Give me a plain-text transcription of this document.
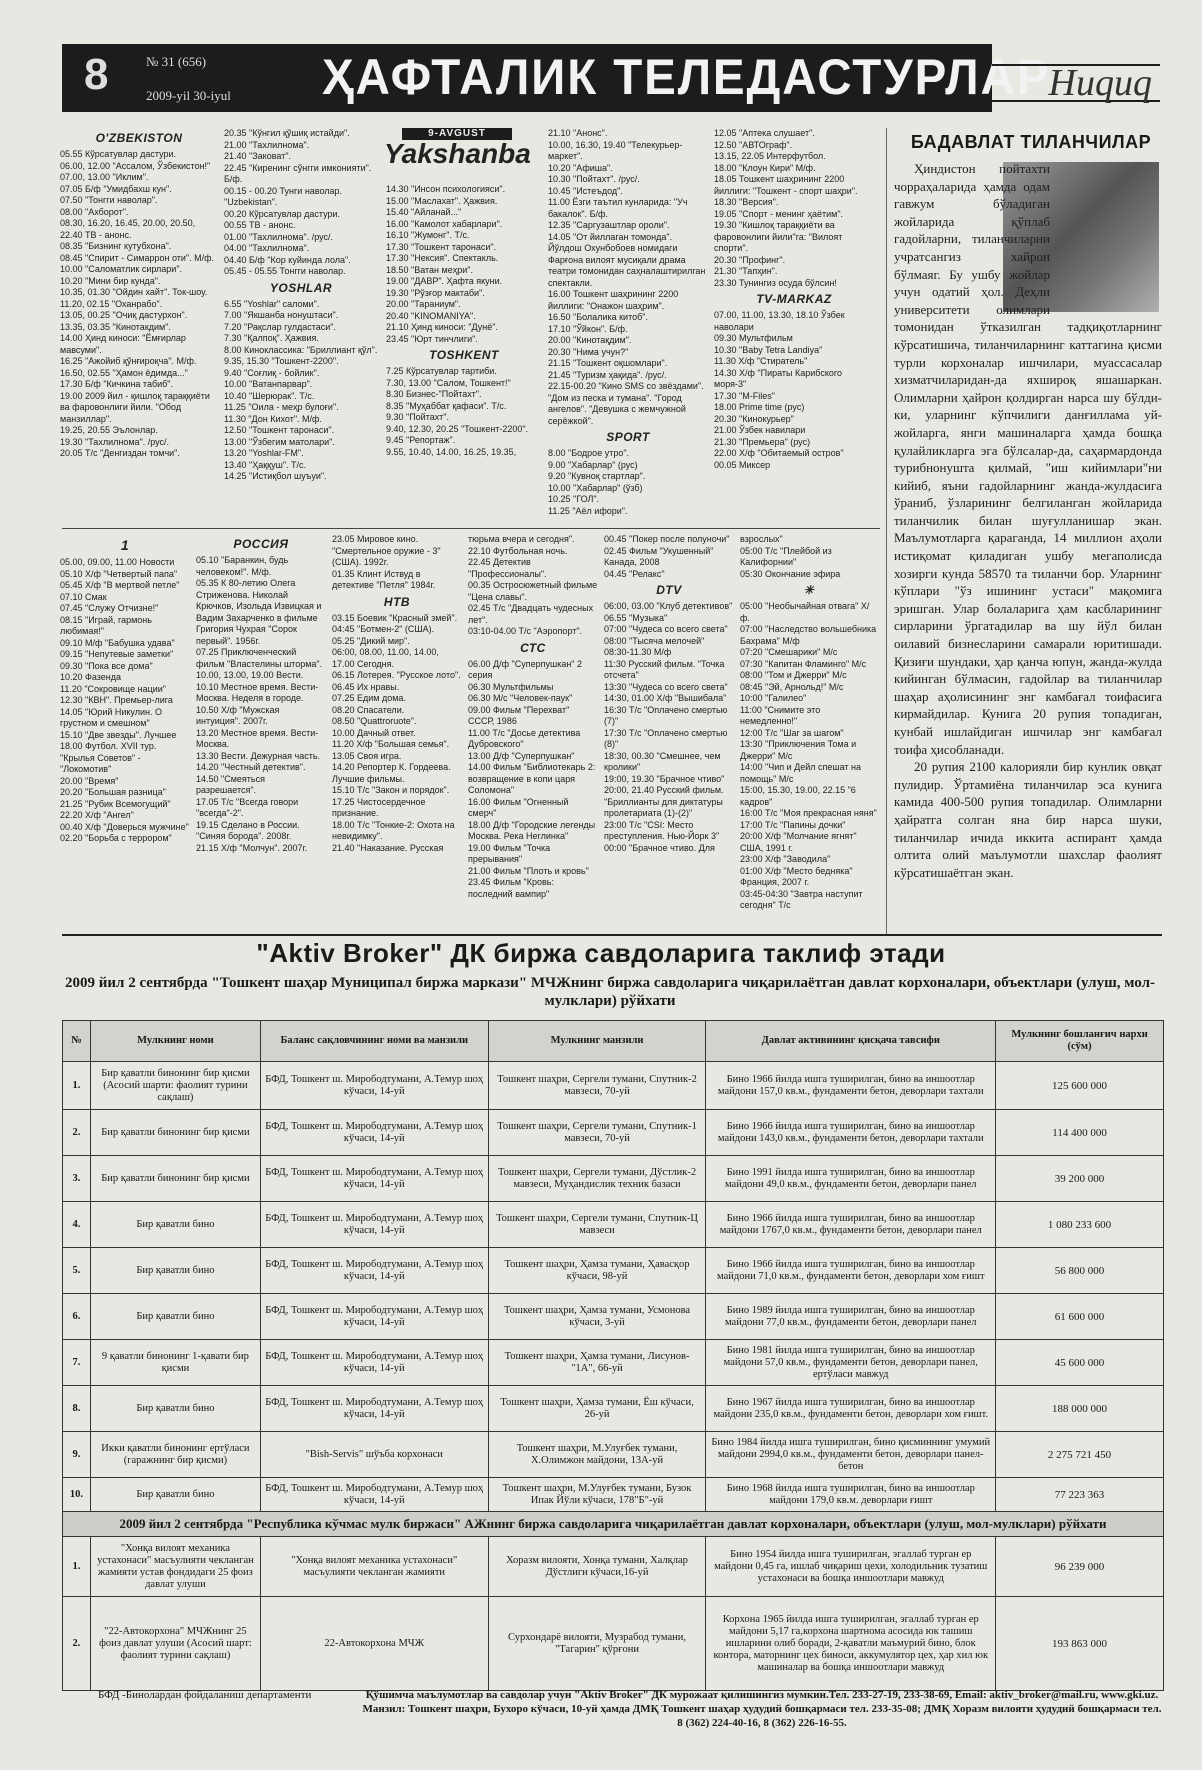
8	№ 31 (656)
2009-yil 30-iyul ҲАФТАЛИК ТЕЛЕДАСТУРЛАР
Ниqиq
O'ZBEKISTON

05.55 Кўрсатувлар дастури.

06.00, 12.00 "Ассалом, Ўзбекистон!"

07.00, 13.00 "Иклим".

07.05 Б/ф "Умидбахш кун".

07.50 "Тонгги наволар".

08.00 "Ахборот".

08.30, 16.20, 16.45, 20.00, 20.50, 22.40 ТВ - анонс.

08.35 "Бизнинг кутубхона".

08.45 "Спирит - Симаррон оти". М/ф.

10.00 "Саломатлик сирлари".

10.20 "Мини бир кунда".

10.35, 01.30 "Ойдин хайт". Ток-шоу.

11.20, 02.15 "Оханрабо".

13.05, 00.25 "Очиқ дастурхон".

13.35, 03.35 "Кинотакдим".

14.00 Ҳинд киноси: "Ёмғирлар мавсуми".

16.25 "Ажойиб қўнғироқча". М/ф.

16.50, 02.55 "Ҳамон ёдимда..."

17.30 Б/ф "Кичкина табиб".

19.00 2009 йил - қишлоқ тараққиёти ва фаровонлиги йили. "Обод манзиллар".

19.25, 20.55 Эълонлар.

19.30 "Тахлилнома". /рус/.

20.05 Т/с "Денгиздан томчи".

20.35 "Кўнгил қўшиқ истайди".

21.00 "Тахлилнома".

21.40 "Заковат".

22.45 "Киренинг сўнгги имконияти". Б/ф.

00.15 - 00.20 Тунги наволар.

"Uzbekistan".

00.20 Кўрсатувлар дастури.

00.55 ТВ - анонс.

01.00 "Тахлилнома". /рус/.

04.00 "Тахлилнома".

04.40 Б/ф "Кор куйинда лола".

05.45 - 05.55 Тонгги наволар.

YOSHLAR

6.55 "Yoshlar" саломи".

7.00 "Якшанба нонуштаси".

7.20 "Рақслар гулдастаси".

7.30 "Қалпоқ". Ҳажвия.

8.00 Кинокласcика: "Бриллиант қўл".

9.35, 15.30 "Тошкент-2200".

9.40 "Соғлиқ - бойлик".

10.00 "Ватанпарвар".

10.40 "Шерюрак". Т/с.

11.25 "Оила - меҳр булоғи".

11.30 "Дон Кихот". М/ф.

12.50 "Тошкент таронаси".

13.00 "Ўзбегим матолари".

13.20 "Yoshlar-FM".

13.40 "Ҳаққуш". Т/с.

14.25 "Истиқбол шуъуи".

9-AVGUST
Yakshanba

14.30 "Инсон психологияси".

15.00 "Маслахат". Ҳажвия.

15.40 "Айланай..."

16.00 "Камолот хабарлари".

16.10 "Жумонг". Т/с.

17.30 "Тошкент таронаси".

17.30 "Нексия". Спектакль.

18.50 "Ватан меҳри".

19.00 "ДАВР". Ҳафта якуни.

19.30 "Рўзғор мактаби".

20.00 "Тараниум".

20.40 "KINOMANIYA".

21.10 Ҳинд киноси: "Дунё".

23.45 "Юрт тинчлиги".

TOSHKENT

7.25 Кўрсатувлар тартиби.

7.30, 13.00 "Салом, Тошкент!"

8.30 Бизнес-"Пойтахт".

8.35 "Муҳаббат қафаси". Т/с.

9.30 "Пойтахт".

9.40, 12.30, 20.25 "Тошкент-2200".

9.45 "Репортаж".

9.55, 10.40, 14.00, 16.25, 19.35,

21.10 "Анонс".

10.00, 16.30, 19.40 "Телекурьер-маркет".

10.20 "Афиша".

10.30 "Пойтахт". /рус/.

10.45 "Истеъдод".

11.00 Ёзги таътил кунларида: "Уч бакалок". Б/ф.

12.35 "Саргузаштлар ороли".

14.05 "От йиллаган томонда". Йўлдош Охунбобоев номидаги Фарғона вилоят мусиқали драма театри томонидан саҳналаштирилган спектакли.

16.00 Тошкент шаҳрининг 2200 йиллиги: "Онажон шаҳрим".

16.50 "Болалика китоб".

17.10 "Ўйкон". Б/ф.

20.00 "Кинотақдим".

20.30 "Нима учун?"

21.15 "Тошкент оқшомлари".

21.45 "Туризм ҳақида". /рус/.

22.15-00.20 "Кино SMS со звёздами". "Дом из песка и тумана". "Город ангелов". "Девушка с жемчужной серёжкой".

SPORT

8.00 "Бодрое утро".

9.00 "Хабарлар" (рус)

9.20 "Кувноқ стартлар".

10.00 "Хабарлар" (ўзб)

10.25 "ГОЛ".

11.25 "Аёл ифори".

12.05 "Аптека слушает".

12.50 "АВТОграф".

13.15, 22.05 Интерфутбол.

18.00 "Клоун Кири" М/ф.

18.05 Тошкент шаҳрининг 2200 йиллиги: "Тошкент - спорт шаҳри".

18.30 "Версия".

19.05 "Спорт - менинг ҳаётим".

19.30 "Кишлоқ тараққиёти ва фаровонлиги йили"га: "Вилоят спорти".

20.30 "Профинг".

21.30 "Тапҳин".

23.30 Тунингиз осуда бўлсин!

TV-MARKAZ

07.00, 11.00, 13.30, 18.10 Ўзбек наволари

09.30 Мультфильм

10.30 "Baby Tetra Landiya"

11.30 Х/ф "Стиратель"

14.30 Х/ф "Пираты Карибского моря-3"

17.30 "M-Files"

18.00 Prime time (рус)

20.30 "Кинокурьер"

21.00 Ўзбек навилари

21.30 "Премьера" (рус)

22.00 Х/ф "Обитаемый остров"

00.05 Миксер

1

05.00, 09.00, 11.00 Новости

05.10 Х/ф "Четвертый папа"

05.45 Х/ф "В мертвой петле"

07.10 Смак

07.45 "Служу Отчизне!"

08.15 "Играй, гармонь любимая!"

09.10 М/ф "Бабушка удава"

09.15 "Непутевые заметки"

09.30 "Пока все дома"

10.20 Фазенда

11.20 "Сокровище нации"

12.30 "КВН". Премьер-лига

14.05 "Юрий Никулин. О грустном и смешном"

15.10 "Две звезды". Лучшее

18.00 Футбол. XVII тур. "Крылья Советов" - "Локомотив"

20.00 "Время"

20.20 "Большая разница"

21.25 "Рубик Всемогущий"

22.20 Х/ф "Ангел"

00.40 Х/ф "Доверься мужчине"

02.20 "Борьба с террором"

РОССИЯ

05.10 "Баранкин, будь человеком!". М/ф.

05.35 К 80-летию Олега Стриженова. Николай Крючков, Изольда Извицкая и Вадим Захарченко в фильме Григория Чухрая "Сорок первый". 1956г.

07.25 Приключенческий фильм "Властелины шторма".

10.00, 13.00, 19.00 Вести.

10.10 Местное время. Вести-Москва. Неделя в городе.

10.50 Х/ф "Мужская интуиция". 2007г.

13.20 Местное время. Вести-Москва.

13.30 Вести. Дежурная часть.

14.20 "Честный детектив".

14.50 "Смеяться разрешается".

17.05 Т/с "Всегда говори "всегда"-2".

19.15 Сделано в России. "Синяя борода". 2008г.

21.15 Х/ф "Молчун". 2007г.

23.05 Мировое кино. "Смертельное оружие - 3" (США). 1992г.

01.35 Клинт Иствуд в детективе "Петля" 1984г.

НТВ

03.15 Боевик "Красный змей".

04:45 "Ботмен-2" (США).

05.25 "Дикий мир".

06:00, 08.00, 11.00, 14.00, 17.00 Сегодня.

06.15 Лотерея. "Русское лото".

06.45 Их нравы.

07.25 Едим дома.

08.20 Спасатели.

08.50 "Quattroruote".

10.00 Дачный ответ.

11.20 Х/ф "Большая семья".

13.05 Своя игра.

14.20 Репортер К. Гордеева. Лучшие фильмы.

15.10 Т/с "Закон и порядок".

17.25 Чистосердечное признание.

18.00 Т/с "Тонкие-2: Охота на невидимку".

21.40 "Наказание. Русская

тюрьма вчера и сегодня".

22.10 Футбольная ночь.

22.45 Детектив "Профессионалы".

00.35 Остросюжетный фильме "Цена славы".

02.45 Т/с "Двадцать чудесных лет".

03:10-04.00 Т/с "Аэропорт".

СТС

06.00 Д/ф "Суперпушкан" 2 серия

06.30 Мультфильмы

06.30 М/с "Человек-паук"

09.00 Фильм "Перехват" СССР, 1986

11.00 Т/с "Досье детектива Дубровского"

13.00 Д/ф "Суперпушкан"

14.00 Фильм "Библиотекарь 2: возвращение в копи царя Соломона"

16.00 Фильм "Огненный смерч"

18.00 Д/ф "Городские легенды Москва. Река Неглинка"

19.00 Фильм "Точка прерывания"

21.00 Фильм "Плоть и кровь"

23.45 Фильм "Кровь: последний вампир"

00.45 "Покер после полуночи"

02.45 Фильм "Укушенный" Канада, 2008

04.45 "Релакс"

DTV

06:00, 03.00 "Клуб детективов"

06.55 "Музыка"

07:00 "Чудеса со всего света"

08:00 "Тысяча мелочей"

08:30-11.30 М/ф

11:30 Русский фильм. "Точка отсчета"

13:30 "Чудеса со всего света"

14:30, 01.00 Х/ф "Вышибала"

16:30 Т/с "Оплачено смертью (7)"

17:30 Т/с "Оплачено смертью (8)"

18:30, 00.30 "Смешнее, чем кролики"

19:00, 19.30 "Брачное чтиво"

20:00, 21.40 Русский фильм. "Бриллианты для диктатуры пролетариата (1)-(2)"

23:00 Т/с "CSI: Место преступления. Нью-Йорк 3"

00:00 "Брачное чтиво. Для

взрослых"

05:00 Т/с "Плейбой из Калифорнии"

05:30 Окончание эфира

✳

05:00 "Необычайная отвага" Х/ф.

07:00 "Наследство вольшебника Бахрама" М/ф

07:20 "Смешарики" М/с

07:30 "Капитан Фламинго" М/с

08:00 "Том и Джерри" М/с

08:45 "Эй, Арнольд!" М/с

10:00 "Галилео"

11:00 "Снимите это немедленно!"

12:00 Т/с "Шаг за шагом"

13:30 "Приключения Тома и Джерри" М/с

14:00 "Чип и Дейл спешат на помощь" М/с

15:00, 15.30, 19.00, 22.15 "6 кадров"

16:00 Т/с "Моя прекрасная няня"

17:00 Т/с "Папины дочки"

20:00 Х/ф "Молчание ягнят" США, 1991 г.

23:00 Х/ф "Заводила"

01:00 Х/ф "Место бедняка" Франция, 2007 г.

03:45-04:30 "Завтра наступит сегодня" Т/с

БАДАВЛАТ ТИЛАНЧИЛАР

Ҳиндистон пойтахти чорраҳаларида ҳамда одам гавжум бўладиган жойларида қўплаб гадойларни, тиланчиларни учратсангиз хайрон бўлмаяг. Бу ушбу жойлар учун одатий ҳол. Деҳли университети олимлари томонидан ўтказилган тадқиқотларнинг кўрсатишича, тиланчиларнинг каттагина қисми турли корхоналар ишчилари, муассасалар хизматчиларидан-да яхшироқ яшашаркан. Олимларни ҳайрон қолдирган нарса шу бўлди-ки, уларнинг кўпчилиги данғиллама уй-жойларга, янги машиналарга ҳамда бошқа қулайликларга эга бўлсалар-да, саҳармардонда турибнонуштa қилмай, "иш кийимлари"ни кийиб, яъни гадойларнинг жанда-жулдасига ўраниб, ўзларининг белгиланган жойларида тиланчилик билан шуғулланишар экан. Маълумотларга қараганда, 14 миллион аҳоли истиқомат қиладиган ушбу мегаполисда хозирги кунда 58570 та тиланчи бор. Уларнинг кўплари "ўз ишининг устаси" мақомига эришган. Улар болаларига ҳам касбларининг сирларини ўргатадилар ва шу йўл билан оилавий бизнесларини самарали юритишади. Қизиғи шундаки, ҳар қанча юпун, жанда-жулда кийинган бўлмасин, гадойлар ва тиланчилар шаҳар аҳолисининг энг камбағал тоифасига кирмайдилар. Кунига 20 рупия топадиган, кунбай ишлайдиган ишчилар энг камбағал тоифа ҳисобланади.

20 рупия 2100 калорияли бир кунлик овқат пулидир. Ўртамиёна тиланчилар эса кунига камида 400-500 рупия топадилар. Олимларни ҳайратга солган яна бир нарса шуки, тиланчилар ичида иккита аспирант ҳамда олтита олий маълумотли шахслар фаолият кўрсатишаётган экан.

"Aktiv Broker" ДК биржа савдоларига таклиф этади
2009 йил 2 сентябрда "Тошкент шаҳар Муниципал биржа маркази" МЧЖнинг биржа савдоларига чиқарилаётган давлат корхоналари, объектлари (улуш, мол-мулклари) рўйхати
№	Мулкнинг номи	Баланс сақловчининг номи ва манзили	Мулкнинг манзили	Давлат активининг қисқача тавсифи	Мулкнинг бошланғич нархи (сўм)
1.	Бир қаватли бинонинг бир қисми (Асосий шарти: фаолият турини сақлаш)	БФД, Тошкент ш. Мирободтумани, А.Темур шоҳ кўчаси, 14-уй	Тошкент шаҳри, Сергели тумани, Спутник-2 мавзеси, 70-уй	Бино 1966 йилда ишга туширилган, бино ва иншоотлар майдони 157,0 кв.м., фундаменти бетон, деворлари тахтали	125 600 000
2.	Бир қаватли бинонинг бир қисми	БФД, Тошкент ш. Мирободтумани, А.Темур шоҳ кўчаси, 14-уй	Тошкент шаҳри, Сергели тумани, Спутник-1 мавзеси, 70-уй	Бино 1966 йилда ишга туширилган, бино ва иншоотлар майдони 143,0 кв.м., фундаменти бетон, деворлари тахтали	114 400 000
3.	Бир қаватли бинонинг бир қисми	БФД, Тошкент ш. Мирободтумани, А.Темур шоҳ кўчаси, 14-уй	Тошкент шаҳри, Сергели тумани, Дўстлик-2 мавзеси, Муҳандислик техник базаси	Бино 1991 йилда ишга туширилган, бино ва иншоотлар майдони 49,0 кв.м., фундаменти бетон, деворлари панел	39 200 000
4.	Бир қаватли бино	БФД, Тошкент ш. Мирободтумани, А.Темур шоҳ кўчаси, 14-уй	Тошкент шаҳри, Сергели тумани, Спутник-Ц мавзеси	Бино 1966 йилда ишга туширилган, бино ва иншоотлар майдони 1767,0 кв.м., фундаменти бетон, деворлари панел	1 080 233 600
5.	Бир қаватли бино	БФД, Тошкент ш. Мирободтумани, А.Темур шоҳ кўчаси, 14-уй	Тошкент шаҳри, Ҳамза тумани, Ҳавасқор кўчаси, 98-уй	Бино 1966 йилда ишга туширилган, бино ва иншоотлар майдони 71,0 кв.м., фундаменти бетон, деворлари хом ғишт	56 800 000
6.	Бир қаватли бино	БФД, Тошкент ш. Мирободтумани, А.Темур шоҳ кўчаси, 14-уй	Тошкент шаҳри, Ҳамза тумани, Усмонова кўчаси, 3-уй	Бино 1989 йилда ишга туширилган, бино ва иншоотлар майдони 77,0 кв.м., фундаменти бетон, деворлари панел	61 600 000
7.	9 қаватли бинонинг 1-қавати бир қисми	БФД, Тошкент ш. Мирободтумани, А.Темур шоҳ кўчаси, 14-уй	Тошкент шаҳри, Ҳамза тумани, Лисунов-"1А", 66-уй	Бино 1981 йилда ишга туширилган, бино ва иншоотлар майдони 57,0 кв.м., фундаменти бетон, деворлари панел, ертўласи мавжуд	45 600 000
8.	Бир қаватли бино	БФД, Тошкент ш. Мирободтумани, А.Темур шоҳ кўчаси, 14-уй	Тошкент шаҳри, Ҳамза тумани, Ёш кўчаси, 26-уй	Бино 1967 йилда ишга туширилган, бино ва иншоотлар майдони 235,0 кв.м., фундаменти бетон, деворлари хом ғишт.	188 000 000
9.	Икки қаватли бинонинг ертўласи (гаражнинг бир қисми)	"Bish-Servis" шўъба корхонаси	Тошкент шаҳри, М.Улуғбек тумани, Х.Олимжон майдони, 13А-уй	Бино 1984 йилда ишга туширилган, бино қисминнинг умумий майдони 2994,0 кв.м., фундаменти бетон, деворлари панел-бетон	2 275 721 450
10.	Бир қаватли бино	БФД, Тошкент ш. Мирободтумани, А.Темур шоҳ кўчаси, 14-уй	Тошкент шаҳри, М.Улуғбек тумани, Бузок Ипак Йўли кўчаси, 178"Б"-уй	Бино 1968 йилда ишга туширилган, бино ва иншоотлар майдони 179,0 кв.м. деворлари ғишт	77 223 363
2009 йил 2 сентябрда "Республика кўчмас мулк биржаси" АЖнинг биржа савдоларига чиқарилаётган давлат корхоналари, объектлари (улуш, мол-мулклари) рўйхати					
1.	"Хонқа вилоят механика устахонаси" масъулияти чекланган жамияти устав фондидаги 25 фоиз давлат улуши	"Хонқа вилоят механика устахонаси" масъулияти чекланган жамияти	Хоразм вилояти, Хонқа тумани, Халқлар Дўстлиги кўчаси,16-уй	Бино 1954 йилда ишга туширилган, эгаллаб турган ер майдони 0,45 га, ишлаб чиқариш цехи, холодильник тузатиш устахонаси ва бошқа иншоотлари мавжуд	96 239 000
2.	"22-Автокорхона" МЧЖнинг 25 фоиз давлат улуши (Асосий шарт: фаолият турини сақлаш)	22-Автокорхона МЧЖ	Сурхондарё вилояти, Музрабод тумани, "Тагарин" қўрғони	Корхона 1965 йилда ишга туширилган, эгаллаб турган ер майдони 5,17 га,корхона шартнома асосида юк ташиш ишларини олиб боради, 2-қаватли маъмурий бино, блок контора, маторнинг цех биноси, аккумулятор цех, ҳар хил юк машиналар ва бошқа иншоотлари мавжуд	193 863 000
БФД -Бинолардан фойдаланиш департаменти	Қўшимча маълумотлар ва савдолар учун "Aktiv Broker" ДК мурожаат қилишингиз мумкин.Тел. 233-27-19, 233-38-69, Email: aktiv_broker@mail.ru, www.gki.uz. Манзил: Тошкент шаҳри, Бухоро кўчаси, 10-уй ҳамда ДМҚ Тошкент шаҳар ҳудудий бошқармаси тел. 233-35-08; ДМҚ Хоразм вилояти ҳудудий бошқармаси тел. 8 (362) 224-40-16, 8 (362) 226-16-55.
